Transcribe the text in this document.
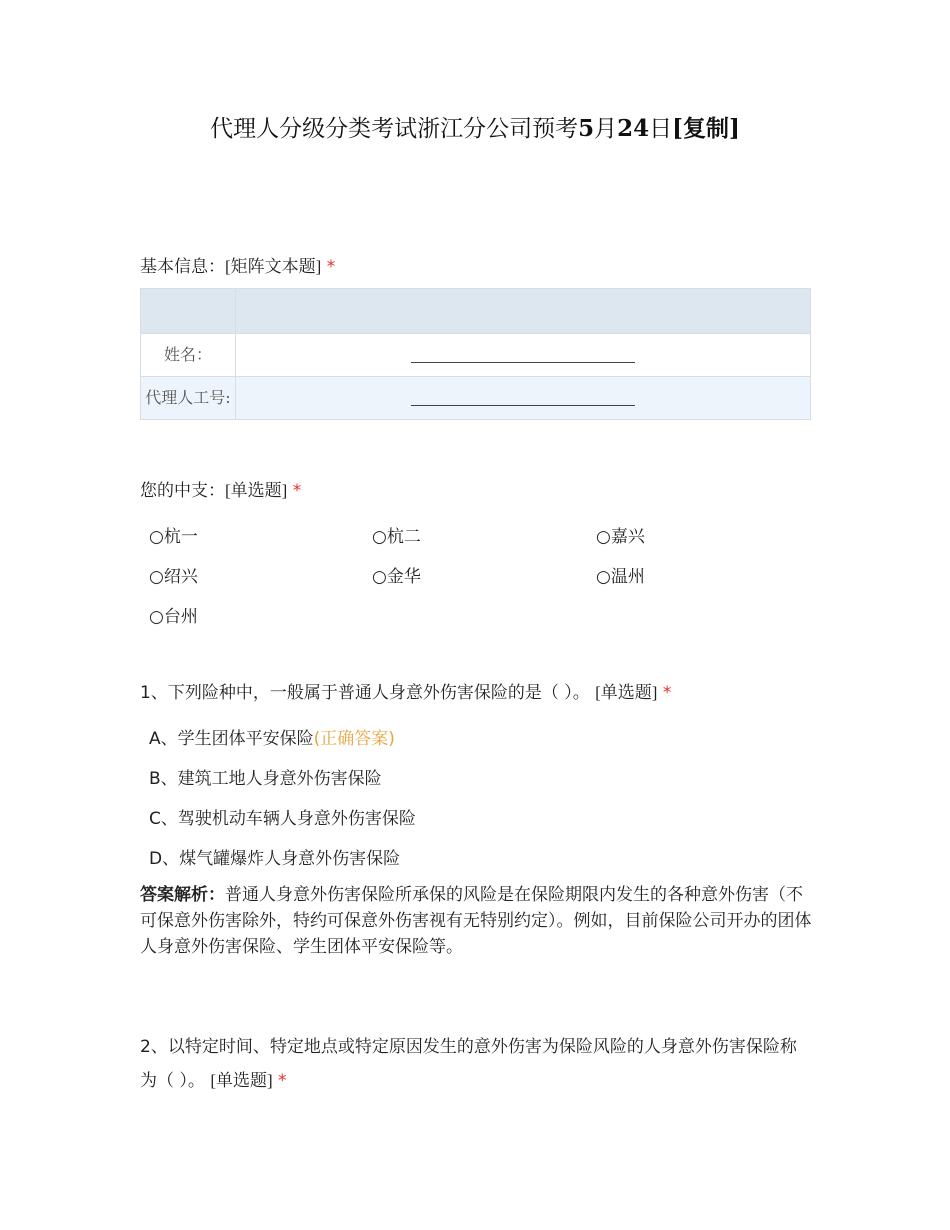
代理人分级分类考试浙江分公司预考5月24日[复制]
基本信息：[矩阵文本题] *

姓名：	
代理人工号:	
您的中支：[单选题] *
○杭一	○杭二	○嘉兴
○绍兴	○金华	○温州
○台州
1、下列险种中，一般属于普通人身意外伤害保险的是（ ）。 [单选题] *
A、学生团体平安保险(正确答案)
B、建筑工地人身意外伤害保险
C、驾驶机动车辆人身意外伤害保险
D、煤气罐爆炸人身意外伤害保险
答案解析：普通人身意外伤害保险所承保的风险是在保险期限内发生的各种意外伤害（不可保意外伤害除外，特约可保意外伤害视有无特别约定）。例如，目前保险公司开办的团体人身意外伤害保险、学生团体平安保险等。
2、以特定时间、特定地点或特定原因发生的意外伤害为保险风险的人身意外伤害保险称为（ ）。 [单选题] *
